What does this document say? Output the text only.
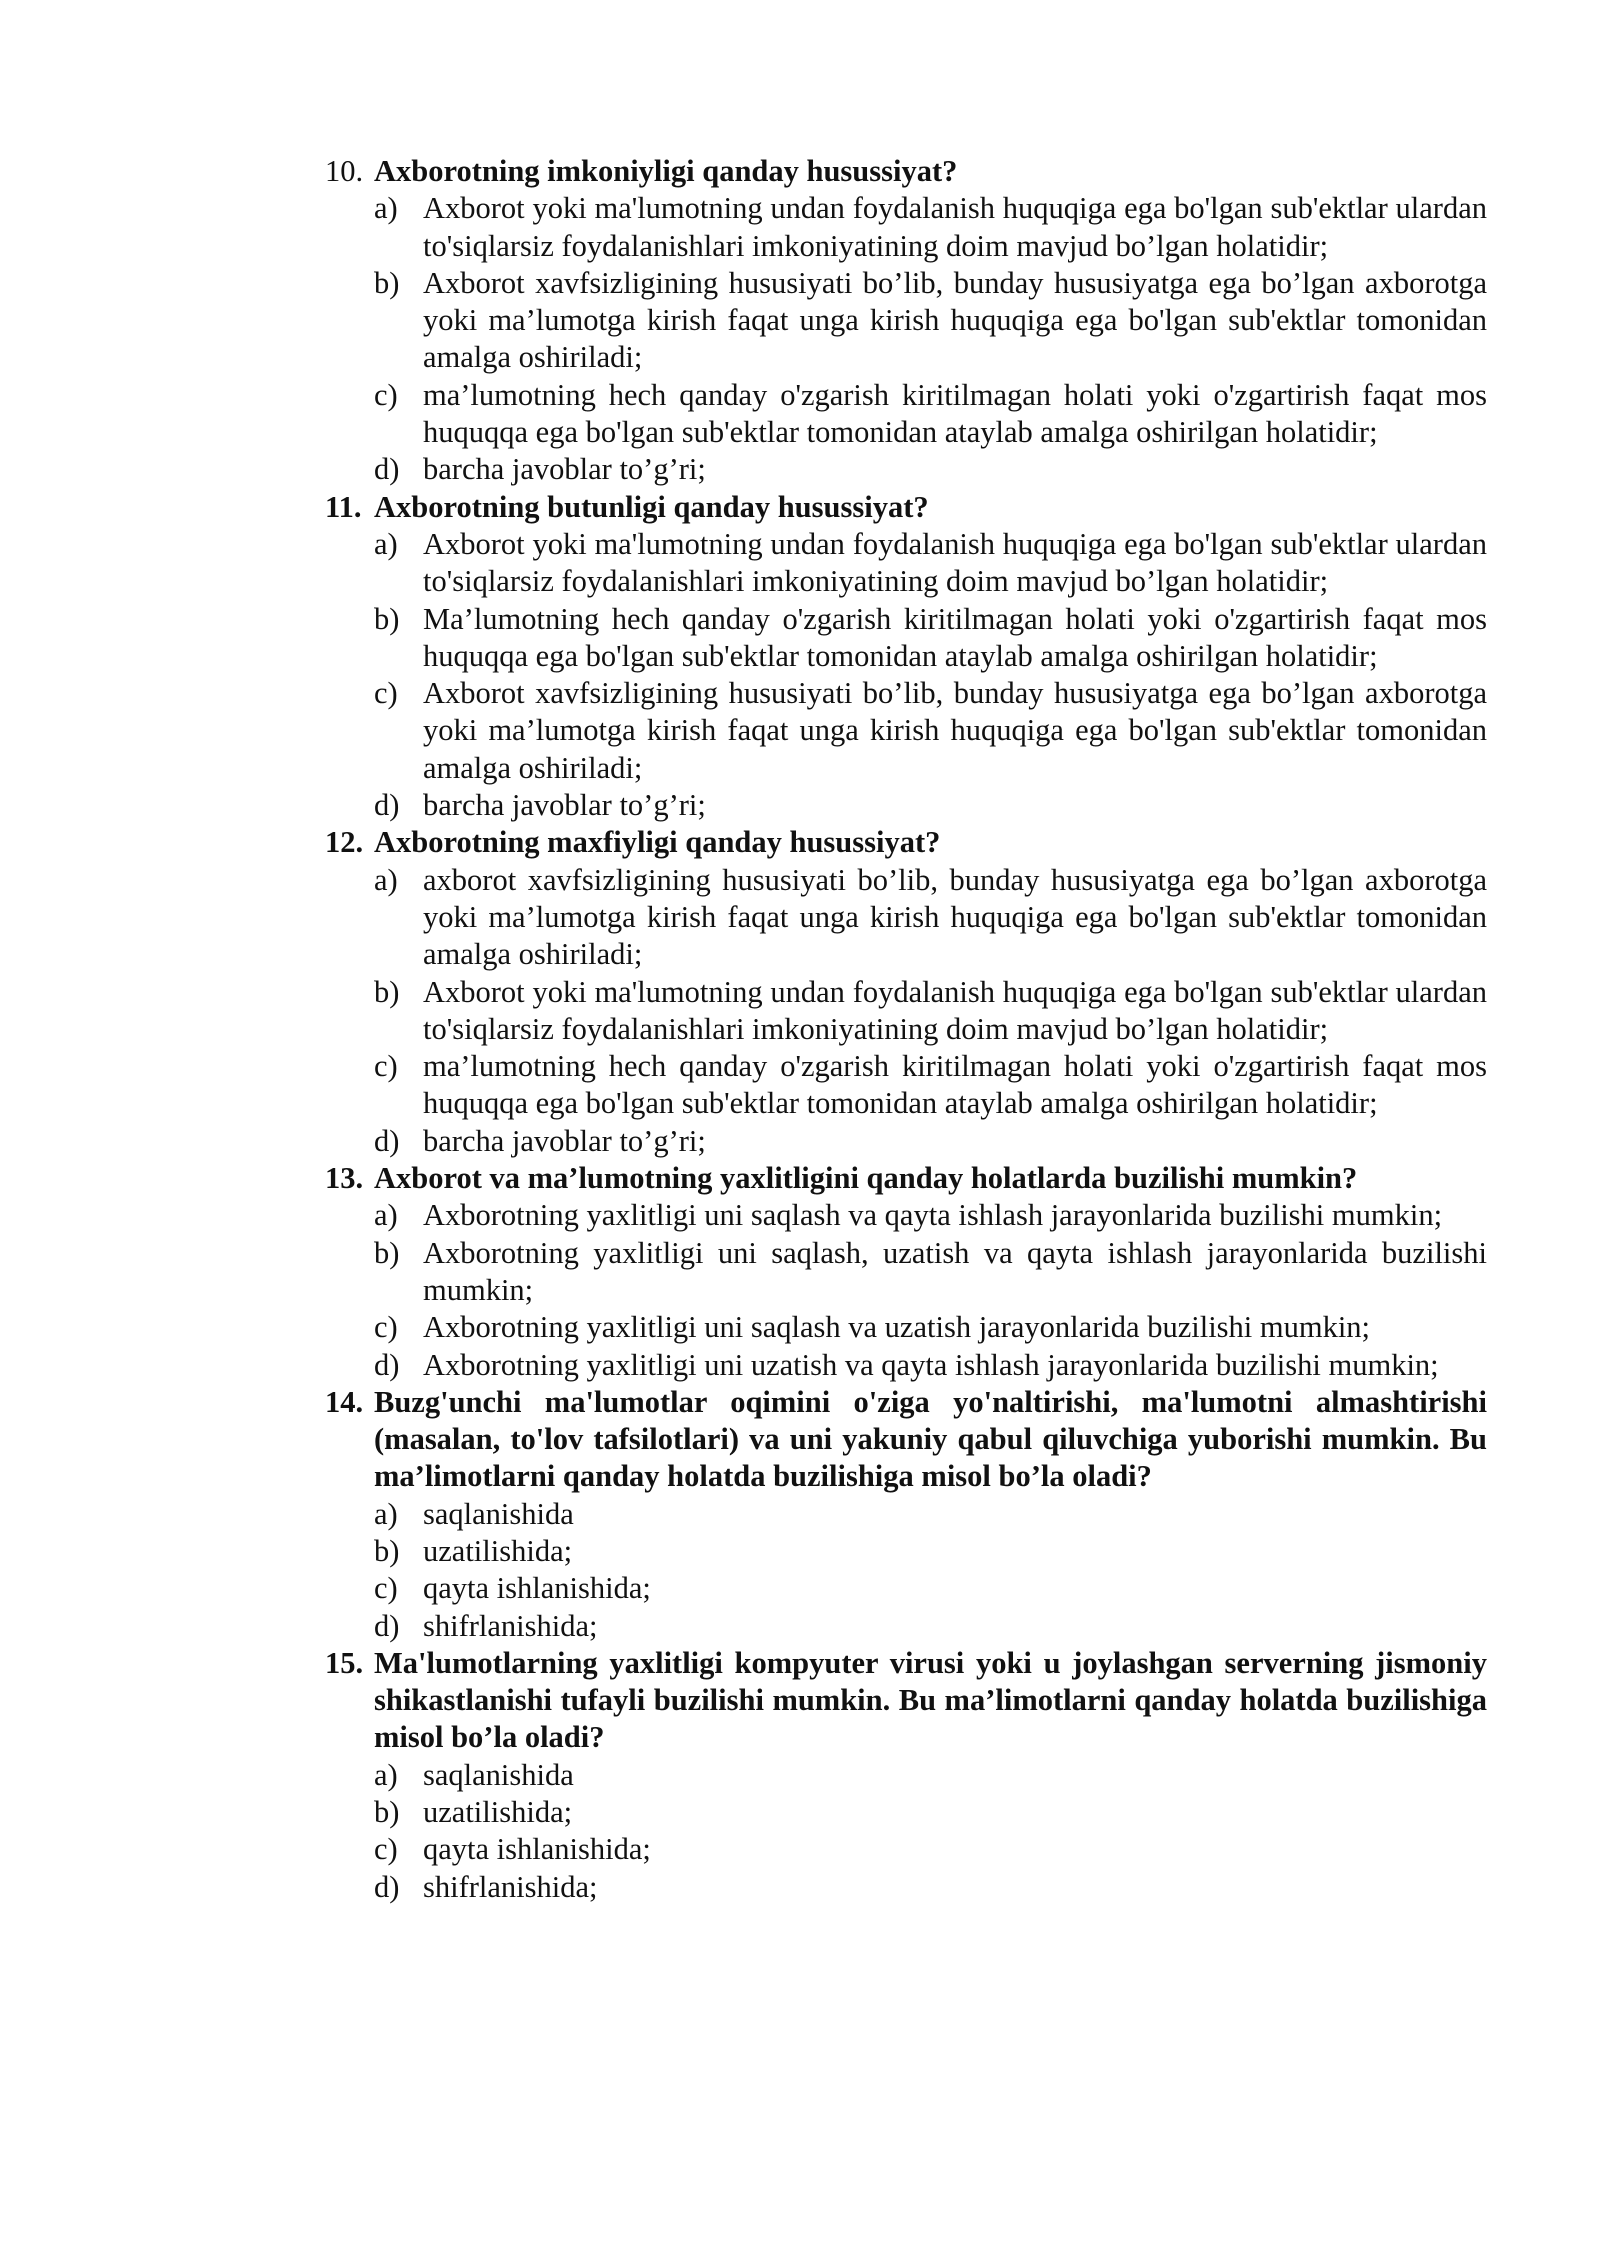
10. Axborotning imkoniyligi qanday husussiyat?
a) Axborot yoki ma'lumotning undan foydalanish huquqiga ega bo'lgan sub'ektlar ulardan to'siqlarsiz foydalanishlari imkoniyatining doim mavjud bo’lgan holatidir;
b) Axborot xavfsizligining hususiyati bo’lib, bunday hususiyatga ega bo’lgan axborotga yoki ma’lumotga kirish faqat unga kirish huquqiga ega bo'lgan sub'ektlar tomonidan amalga oshiriladi;
c) ma’lumotning hech qanday o'zgarish kiritilmagan holati yoki o'zgartirish faqat mos huquqqa ega bo'lgan sub'ektlar tomonidan ataylab amalga oshirilgan holatidir;
d) barcha javoblar to’g’ri;
11. Axborotning butunligi qanday husussiyat?
a) Axborot yoki ma'lumotning undan foydalanish huquqiga ega bo'lgan sub'ektlar ulardan to'siqlarsiz foydalanishlari imkoniyatining doim mavjud bo’lgan holatidir;
b) Ma’lumotning hech qanday o'zgarish kiritilmagan holati yoki o'zgartirish faqat mos huquqqa ega bo'lgan sub'ektlar tomonidan ataylab amalga oshirilgan holatidir;
c) Axborot xavfsizligining hususiyati bo’lib, bunday hususiyatga ega bo’lgan axborotga yoki ma’lumotga kirish faqat unga kirish huquqiga ega bo'lgan sub'ektlar tomonidan amalga oshiriladi;
d) barcha javoblar to’g’ri;
12. Axborotning maxfiyligi qanday husussiyat?
a) axborot xavfsizligining hususiyati bo’lib, bunday hususiyatga ega bo’lgan axborotga yoki ma’lumotga kirish faqat unga kirish huquqiga ega bo'lgan sub'ektlar tomonidan amalga oshiriladi;
b) Axborot yoki ma'lumotning undan foydalanish huquqiga ega bo'lgan sub'ektlar ulardan to'siqlarsiz foydalanishlari imkoniyatining doim mavjud bo’lgan holatidir;
c) ma’lumotning hech qanday o'zgarish kiritilmagan holati yoki o'zgartirish faqat mos huquqqa ega bo'lgan sub'ektlar tomonidan ataylab amalga oshirilgan holatidir;
d) barcha javoblar to’g’ri;
13. Axborot va ma’lumotning yaxlitligini qanday holatlarda buzilishi mumkin?
a) Axborotning yaxlitligi uni saqlash va qayta ishlash jarayonlarida buzilishi mumkin;
b) Axborotning yaxlitligi uni saqlash, uzatish va qayta ishlash jarayonlarida buzilishi mumkin;
c) Axborotning yaxlitligi uni saqlash va uzatish jarayonlarida buzilishi mumkin;
d) Axborotning yaxlitligi uni uzatish va qayta ishlash jarayonlarida buzilishi mumkin;
14. Buzg'unchi ma'lumotlar oqimini o'ziga yo'naltirishi, ma'lumotni almashtirishi (masalan, to'lov tafsilotlari) va uni yakuniy qabul qiluvchiga yuborishi mumkin. Bu ma’limotlarni qanday holatda buzilishiga misol bo’la oladi?
a) saqlanishida
b) uzatilishida;
c) qayta ishlanishida;
d) shifrlanishida;
15. Ma'lumotlarning yaxlitligi kompyuter virusi yoki u joylashgan serverning jismoniy shikastlanishi tufayli buzilishi mumkin. Bu ma’limotlarni qanday holatda buzilishiga misol bo’la oladi?
a) saqlanishida
b) uzatilishida;
c) qayta ishlanishida;
d) shifrlanishida;
